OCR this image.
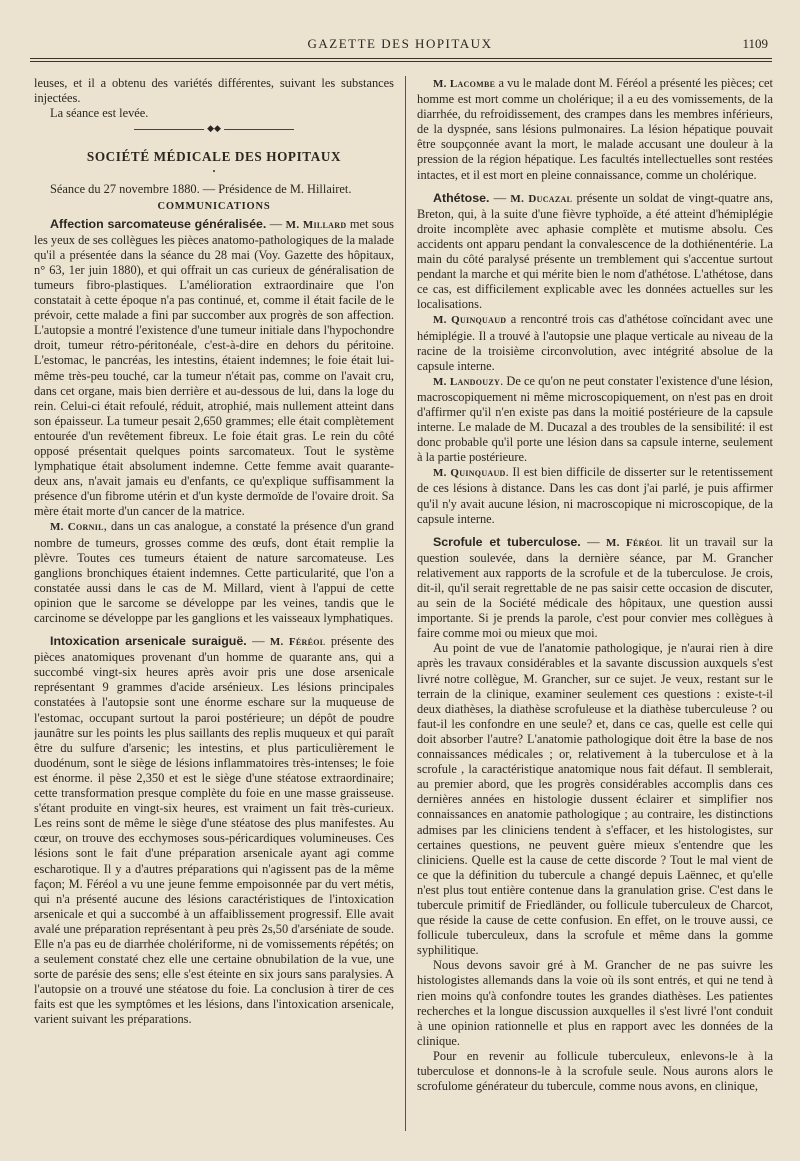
GAZETTE DES HOPITAUX	1109

leuses, et il a obtenu des variétés différentes, suivant les substances injectées.

La séance est levée.

◆◆
SOCIÉTÉ MÉDICALE DES HOPITAUX
•

Séance du 27 novembre 1880. — Présidence de M. Hillairet.

COMMUNICATIONS

Affection sarcomateuse généralisée. — M. Millard met sous les yeux de ses collègues les pièces anatomo-pathologiques de la malade qu'il a présentée dans la séance du 28 mai (Voy. Gazette des hôpitaux, n° 63, 1er juin 1880), et qui offrait un cas curieux de généralisation de tumeurs fibro-plastiques. L'amélioration extraordinaire que l'on constatait à cette époque n'a pas continué, et, comme il était facile de le prévoir, cette malade a fini par succomber aux progrès de son affection. L'autopsie a montré l'existence d'une tumeur initiale dans l'hypochondre droit, tumeur rétro-péritonéale, c'est-à-dire en dehors du péritoine. L'estomac, le pancréas, les intestins, étaient indemnes; le foie était lui-même très-peu touché, car la tumeur n'était pas, comme on l'avait cru, dans cet organe, mais bien derrière et au-dessous de lui, dans la loge du rein. Celui-ci était refoulé, réduit, atrophié, mais nullement atteint dans son épaisseur. La tumeur pesait 2,650 grammes; elle était complètement entourée d'un revêtement fibreux. Le foie était gras. Le rein du côté opposé présentait quelques points sarcomateux. Tout le système lymphatique était absolument indemne. Cette femme avait quarante-deux ans, n'avait jamais eu d'enfants, ce qu'explique suffisamment la présence d'un fibrome utérin et d'un kyste dermoïde de l'ovaire droit. Sa mère était morte d'un cancer de la matrice.

M. Cornil, dans un cas analogue, a constaté la présence d'un grand nombre de tumeurs, grosses comme des œufs, dont était remplie la plèvre. Toutes ces tumeurs étaient de nature sarcomateuse. Les ganglions bronchiques étaient indemnes. Cette particularité, que l'on a constatée aussi dans le cas de M. Millard, vient à l'appui de cette opinion que le sarcome se développe par les veines, tandis que le carcinome se développe par les ganglions et les vaisseaux lymphatiques.

Intoxication arsenicale suraiguë. — M. Féréol présente des pièces anatomiques provenant d'un homme de quarante ans, qui a succombé vingt-six heures après avoir pris une dose arsenicale représentant 9 grammes d'acide arsénieux. Les lésions principales constatées à l'autopsie sont une énorme eschare sur la muqueuse de l'estomac, occupant surtout la paroi postérieure; un dépôt de poudre jaunâtre sur les points les plus saillants des replis muqueux et qui paraît être du sulfure d'arsenic; les intestins, et plus particulièrement le duodénum, sont le siège de lésions inflammatoires très-intenses; le foie est énorme. il pèse 2,350 et est le siège d'une stéatose extraordinaire; cette transformation presque complète du foie en une masse graisseuse. s'étant produite en vingt-six heures, est vraiment un fait très-curieux. Les reins sont de même le siège d'une stéatose des plus manifestes. Au cœur, on trouve des ecchymoses sous-péricardiques volumineuses. Ces lésions sont le fait d'une préparation arsenicale ayant agi comme escharotique. Il y a d'autres préparations qui n'agissent pas de la même façon; M. Féréol a vu une jeune femme empoisonnée par du vert métis, qui n'a présenté aucune des lésions caractéristiques de l'intoxication arsenicale et qui a succombé à un affaiblissement progressif. Elle avait avalé une préparation représentant à peu près 2s,50 d'arséniate de soude. Elle n'a pas eu de diarrhée cholériforme, ni de vomissements répétés; on a seulement constaté chez elle une certaine obnubilation de la vue, une sorte de parésie des sens; elle s'est éteinte en six jours sans paralysies. A l'autopsie on a trouvé une stéatose du foie. La conclusion à tirer de ces faits est que les symptômes et les lésions, dans l'intoxication arsenicale, varient suivant les préparations.

M. Lacombe a vu le malade dont M. Féréol a présenté les pièces; cet homme est mort comme un cholérique; il a eu des vomissements, de la diarrhée, du refroidissement, des crampes dans les membres inférieurs, de la dyspnée, sans lésions pulmonaires. La lésion hépatique pouvait être soupçonnée avant la mort, le malade accusant une douleur à la pression de la région hépatique. Les facultés intellectuelles sont restées intactes, et il est mort en pleine connaissance, comme un cholérique.

Athétose. — M. Ducazal présente un soldat de vingt-quatre ans, Breton, qui, à la suite d'une fièvre typhoïde, a été atteint d'hémiplégie droite incomplète avec aphasie complète et mutisme absolu. Ces accidents ont apparu pendant la convalescence de la dothiénentérie. La main du côté paralysé présente un tremblement qui s'accentue surtout pendant la marche et qui mérite bien le nom d'athétose. L'athétose, dans ce cas, est difficilement explicable avec les données actuelles sur les localisations.

M. Quinquaud a rencontré trois cas d'athétose coïncidant avec une hémiplégie. Il a trouvé à l'autopsie une plaque verticale au niveau de la racine de la troisième circonvolution, avec intégrité absolue de la capsule interne.

M. Landouzy. De ce qu'on ne peut constater l'existence d'une lésion, macroscopiquement ni même microscopiquement, on n'est pas en droit d'affirmer qu'il n'en existe pas dans la moitié postérieure de la capsule interne. Le malade de M. Ducazal a des troubles de la sensibilité: il est donc probable qu'il porte une lésion dans sa capsule interne, seulement à la partie postérieure.

M. Quinquaud. Il est bien difficile de disserter sur le retentissement de ces lésions à distance. Dans les cas dont j'ai parlé, je puis affirmer qu'il n'y avait aucune lésion, ni macroscopique ni microscopique, de la capsule interne.

Scrofule et tuberculose. — M. Féréol lit un travail sur la question soulevée, dans la dernière séance, par M. Grancher relativement aux rapports de la scrofule et de la tuberculose. Je crois, dit-il, qu'il serait regrettable de ne pas saisir cette occasion de discuter, au sein de la Société médicale des hôpitaux, une question aussi importante. Si je prends la parole, c'est pour convier mes collègues à faire comme moi ou mieux que moi.

Au point de vue de l'anatomie pathologique, je n'aurai rien à dire après les travaux considérables et la savante discussion auxquels s'est livré notre collègue, M. Grancher, sur ce sujet. Je veux, restant sur le terrain de la clinique, examiner seulement ces questions : existe-t-il deux diathèses, la diathèse scrofuleuse et la diathèse tuberculeuse ? ou faut-il les confondre en une seule? et, dans ce cas, quelle est celle qui doit absorber l'autre? L'anatomie pathologique doit être la base de nos connaissances médicales ; or, relativement à la tuberculose et à la scrofule , la caractéristique anatomique nous fait défaut. Il semblerait, au premier abord, que les progrès considérables accomplis dans ces dernières années en histologie dussent éclairer et simplifier nos connaissances en anatomie pathologique ; au contraire, les distinctions admises par les cliniciens tendent à s'effacer, et les histologistes, sur certaines questions, ne peuvent guère mieux s'entendre que les cliniciens. Quelle est la cause de cette discorde ? Tout le mal vient de ce que la définition du tubercule a changé depuis Laënnec, et qu'elle n'est plus tout entière contenue dans la granulation grise. C'est dans le tubercule primitif de Friedländer, ou follicule tuberculeux de Charcot, que réside la cause de cette confusion. En effet, on le trouve aussi, ce follicule tuberculeux, dans la scrofule et même dans la gomme syphilitique.

Nous devons savoir gré à M. Grancher de ne pas suivre les histologistes allemands dans la voie où ils sont entrés, et qui ne tend à rien moins qu'à confondre toutes les grandes diathèses. Les patientes recherches et la longue discussion auxquelles il s'est livré l'ont conduit à une opinion rationnelle et plus en rapport avec les données de la clinique.

Pour en revenir au follicule tuberculeux, enlevons-le à la tuberculose et donnons-le à la scrofule seule. Nous aurons alors le scrofulome générateur du tubercule, comme nous avons, en clinique,
